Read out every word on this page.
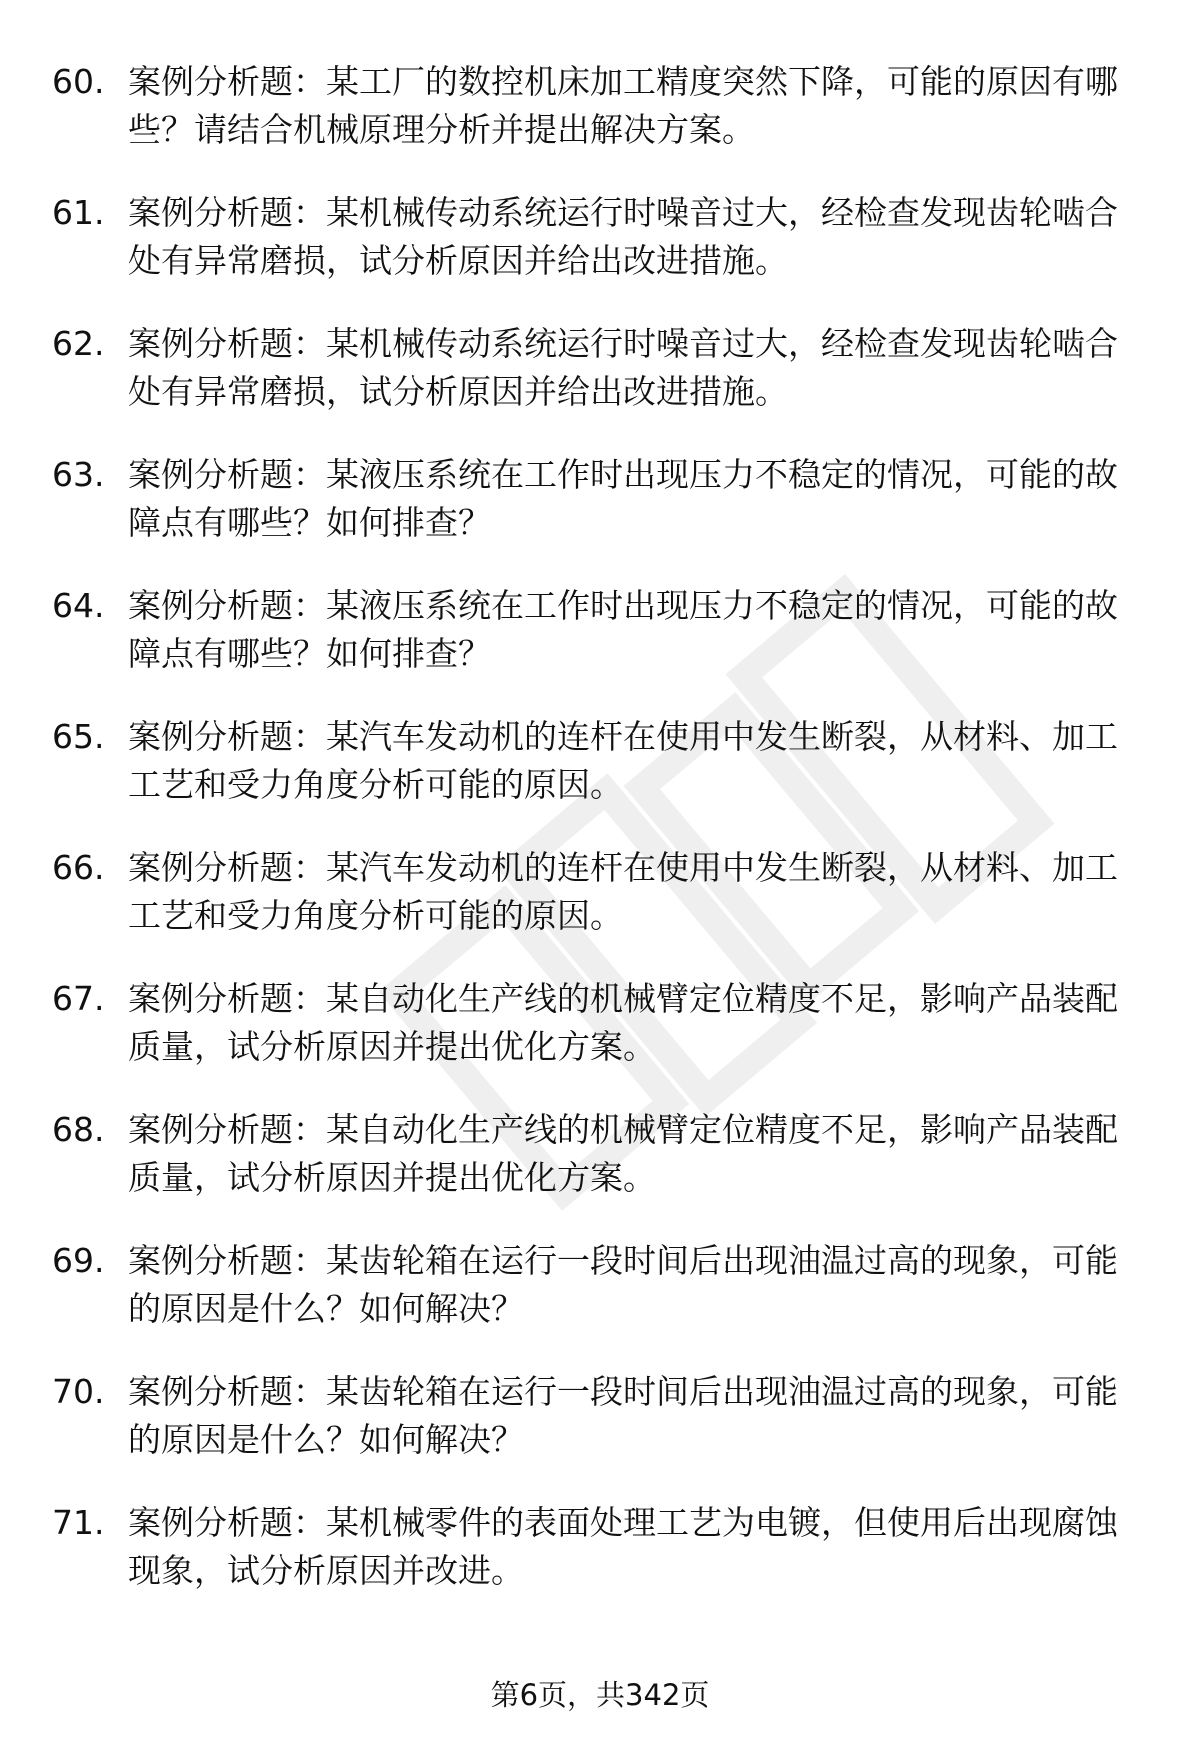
60. 案例分析题：某工厂的数控机床加工精度突然下降，可能的原因有哪些？请结合机械原理分析并提出解决方案。
61. 案例分析题：某机械传动系统运行时噪音过大，经检查发现齿轮啮合处有异常磨损，试分析原因并给出改进措施。
62. 案例分析题：某机械传动系统运行时噪音过大，经检查发现齿轮啮合处有异常磨损，试分析原因并给出改进措施。
63. 案例分析题：某液压系统在工作时出现压力不稳定的情况，可能的故障点有哪些？如何排查？
64. 案例分析题：某液压系统在工作时出现压力不稳定的情况，可能的故障点有哪些？如何排查？
65. 案例分析题：某汽车发动机的连杆在使用中发生断裂，从材料、加工工艺和受力角度分析可能的原因。
66. 案例分析题：某汽车发动机的连杆在使用中发生断裂，从材料、加工工艺和受力角度分析可能的原因。
67. 案例分析题：某自动化生产线的机械臂定位精度不足，影响产品装配质量，试分析原因并提出优化方案。
68. 案例分析题：某自动化生产线的机械臂定位精度不足，影响产品装配质量，试分析原因并提出优化方案。
69. 案例分析题：某齿轮箱在运行一段时间后出现油温过高的现象，可能的原因是什么？如何解决？
70. 案例分析题：某齿轮箱在运行一段时间后出现油温过高的现象，可能的原因是什么？如何解决？
71. 案例分析题：某机械零件的表面处理工艺为电镀，但使用后出现腐蚀现象，试分析原因并改进。
第6页，共342页
